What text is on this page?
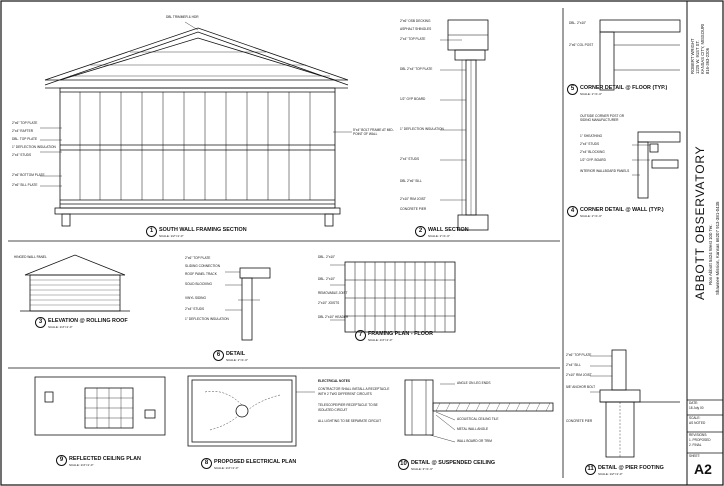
1	SOUTH WALL FRAMING SECTION
SCALE: 1/2"=1'-0"
2	WALL SECTION
SCALE: 1"=1'-0"
3	ELEVATION @ ROLLING ROOF
SCALE: 1/4"=1'-0"
4	CORNER DETAIL @ WALL (TYP.)
SCALE: 1"=1'-0"
5	CORNER DETAIL @ FLOOR (TYP.)
SCALE: 1"=1'-0"
6	DETAIL
SCALE: 1"=1'-0"
7	FRAMING PLAN - FLOOR
SCALE: 1/4"=1'-0"
8	PROPOSED ELECTRICAL PLAN
SCALE: 1/4"=1'-0"
9	REFLECTED CEILING PLAN
SCALE: 1/4"=1'-0"	10 DETAIL @ SUSPENDED CEILING
SCALE: 3"=1'-0"	11 DETAIL @ PIER FOOTING
SCALE: 1/2"=1'-0"
DBL TRIMMER & HDR
2"x6" TOP PLATE
2"x4" RAFTER
DBL. TOP PLATE
1" DEFLECTION INSULATION
2"x4" STUDS
2"x6" BOTTOM PLATE
2"x6" SILL PLATE
5"x4" BOLT FRAME AT MID-POINT OF WALL
2"x6" OSB DECKING
ASPHALT SHINGLES
2"x4" TOP PLATE
DBL 2"x4" TOP PLATE
1/2" GYP BOARD
1" DEFLECTION INSULATION
2"x4" STUDS
DBL 2"x6" SILL
2"x10" RIM JOIST
CONCRETE PIER
DBL. 2"x10"
2"x6" COL POST
OUTSIDE CORNER POST OR SIDING MANUFACTURER
1" SHEATHING
2"x4" STUDS
2"x4" BLOCKING
1/2" GYP. BOARD
INTERIOR WALLBOARD PANELS
HINGED WALL PANEL	2"x6" TOP PLATE
SLIDING CONNECTION
ROOF PANEL TRACK
SOLID BLOCKING
VINYL SIDING
2"x4" STUDS
1" DEFLECTION INSULATION
DBL. 2"x10"
DBL. 2"x10"
REMOVABLE JOIST
2"x10" JOISTS
DBL 2"x10" HEADER
ELECTRICAL NOTES
CONTRACTOR SHALL INSTALL A RECEPTACLE
WITH 2 TWO DIFFERENT CIRCUITS
TELESCOPE/PIER RECEPTACLE TO BE
ISOLATED CIRCUIT
ALL LIGHTING TO BE SEPARATE CIRCUIT
ANGLE ON LEG ENDS
ACOUSTICAL CEILING TILE
METAL WALL ANGLE
WALL BOARD OR TRIM
2"x6" TOP PLATE
2"x4" SILL
2"x10" RIM JOIST
5/8" ANCHOR BOLT
CONCRETE PIER
ROBERT WRIGHT 1225 W. 91ST ST. KANSAS CITY, MISSOURI 816-363-2206
ABBOTT OBSERVATORY Ron Abbott 5424 West 100 Ter. Shawnee Mission, Kansas 66207 913-381-0435
DATE:
18 July 00
SCALE:
AS NOTED
REVISIONS:
1. PROPOSED
2. FINAL
SHEET:
A2
